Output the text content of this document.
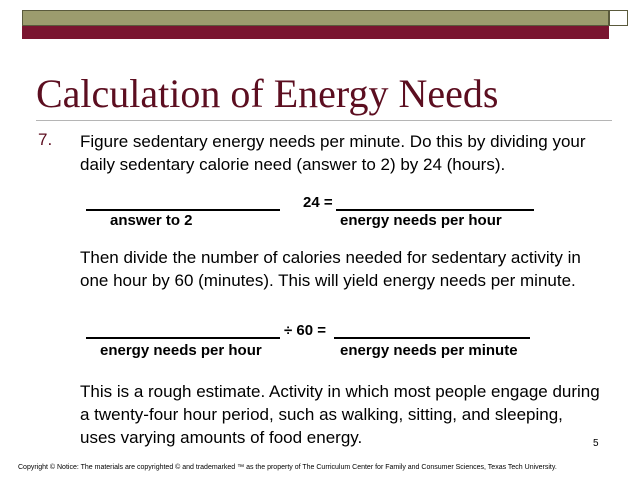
Calculation of Energy Needs
7. Figure sedentary energy needs per minute. Do this by dividing your daily sedentary calorie need (answer to 2) by 24 (hours).
24 =
answer to 2	energy needs per hour
Then divide the number of calories needed for sedentary activity in one hour by 60 (minutes). This will yield energy needs per minute.
÷ 60 =
energy needs per hour	energy needs per minute
This is a rough estimate. Activity in which most people engage during a twenty-four hour period, such as walking, sitting, and sleeping, uses varying amounts of food energy.	5
Copyright © Notice: The materials are copyrighted © and trademarked ™ as the property of The Curriculum Center for Family and Consumer Sciences, Texas Tech University.
